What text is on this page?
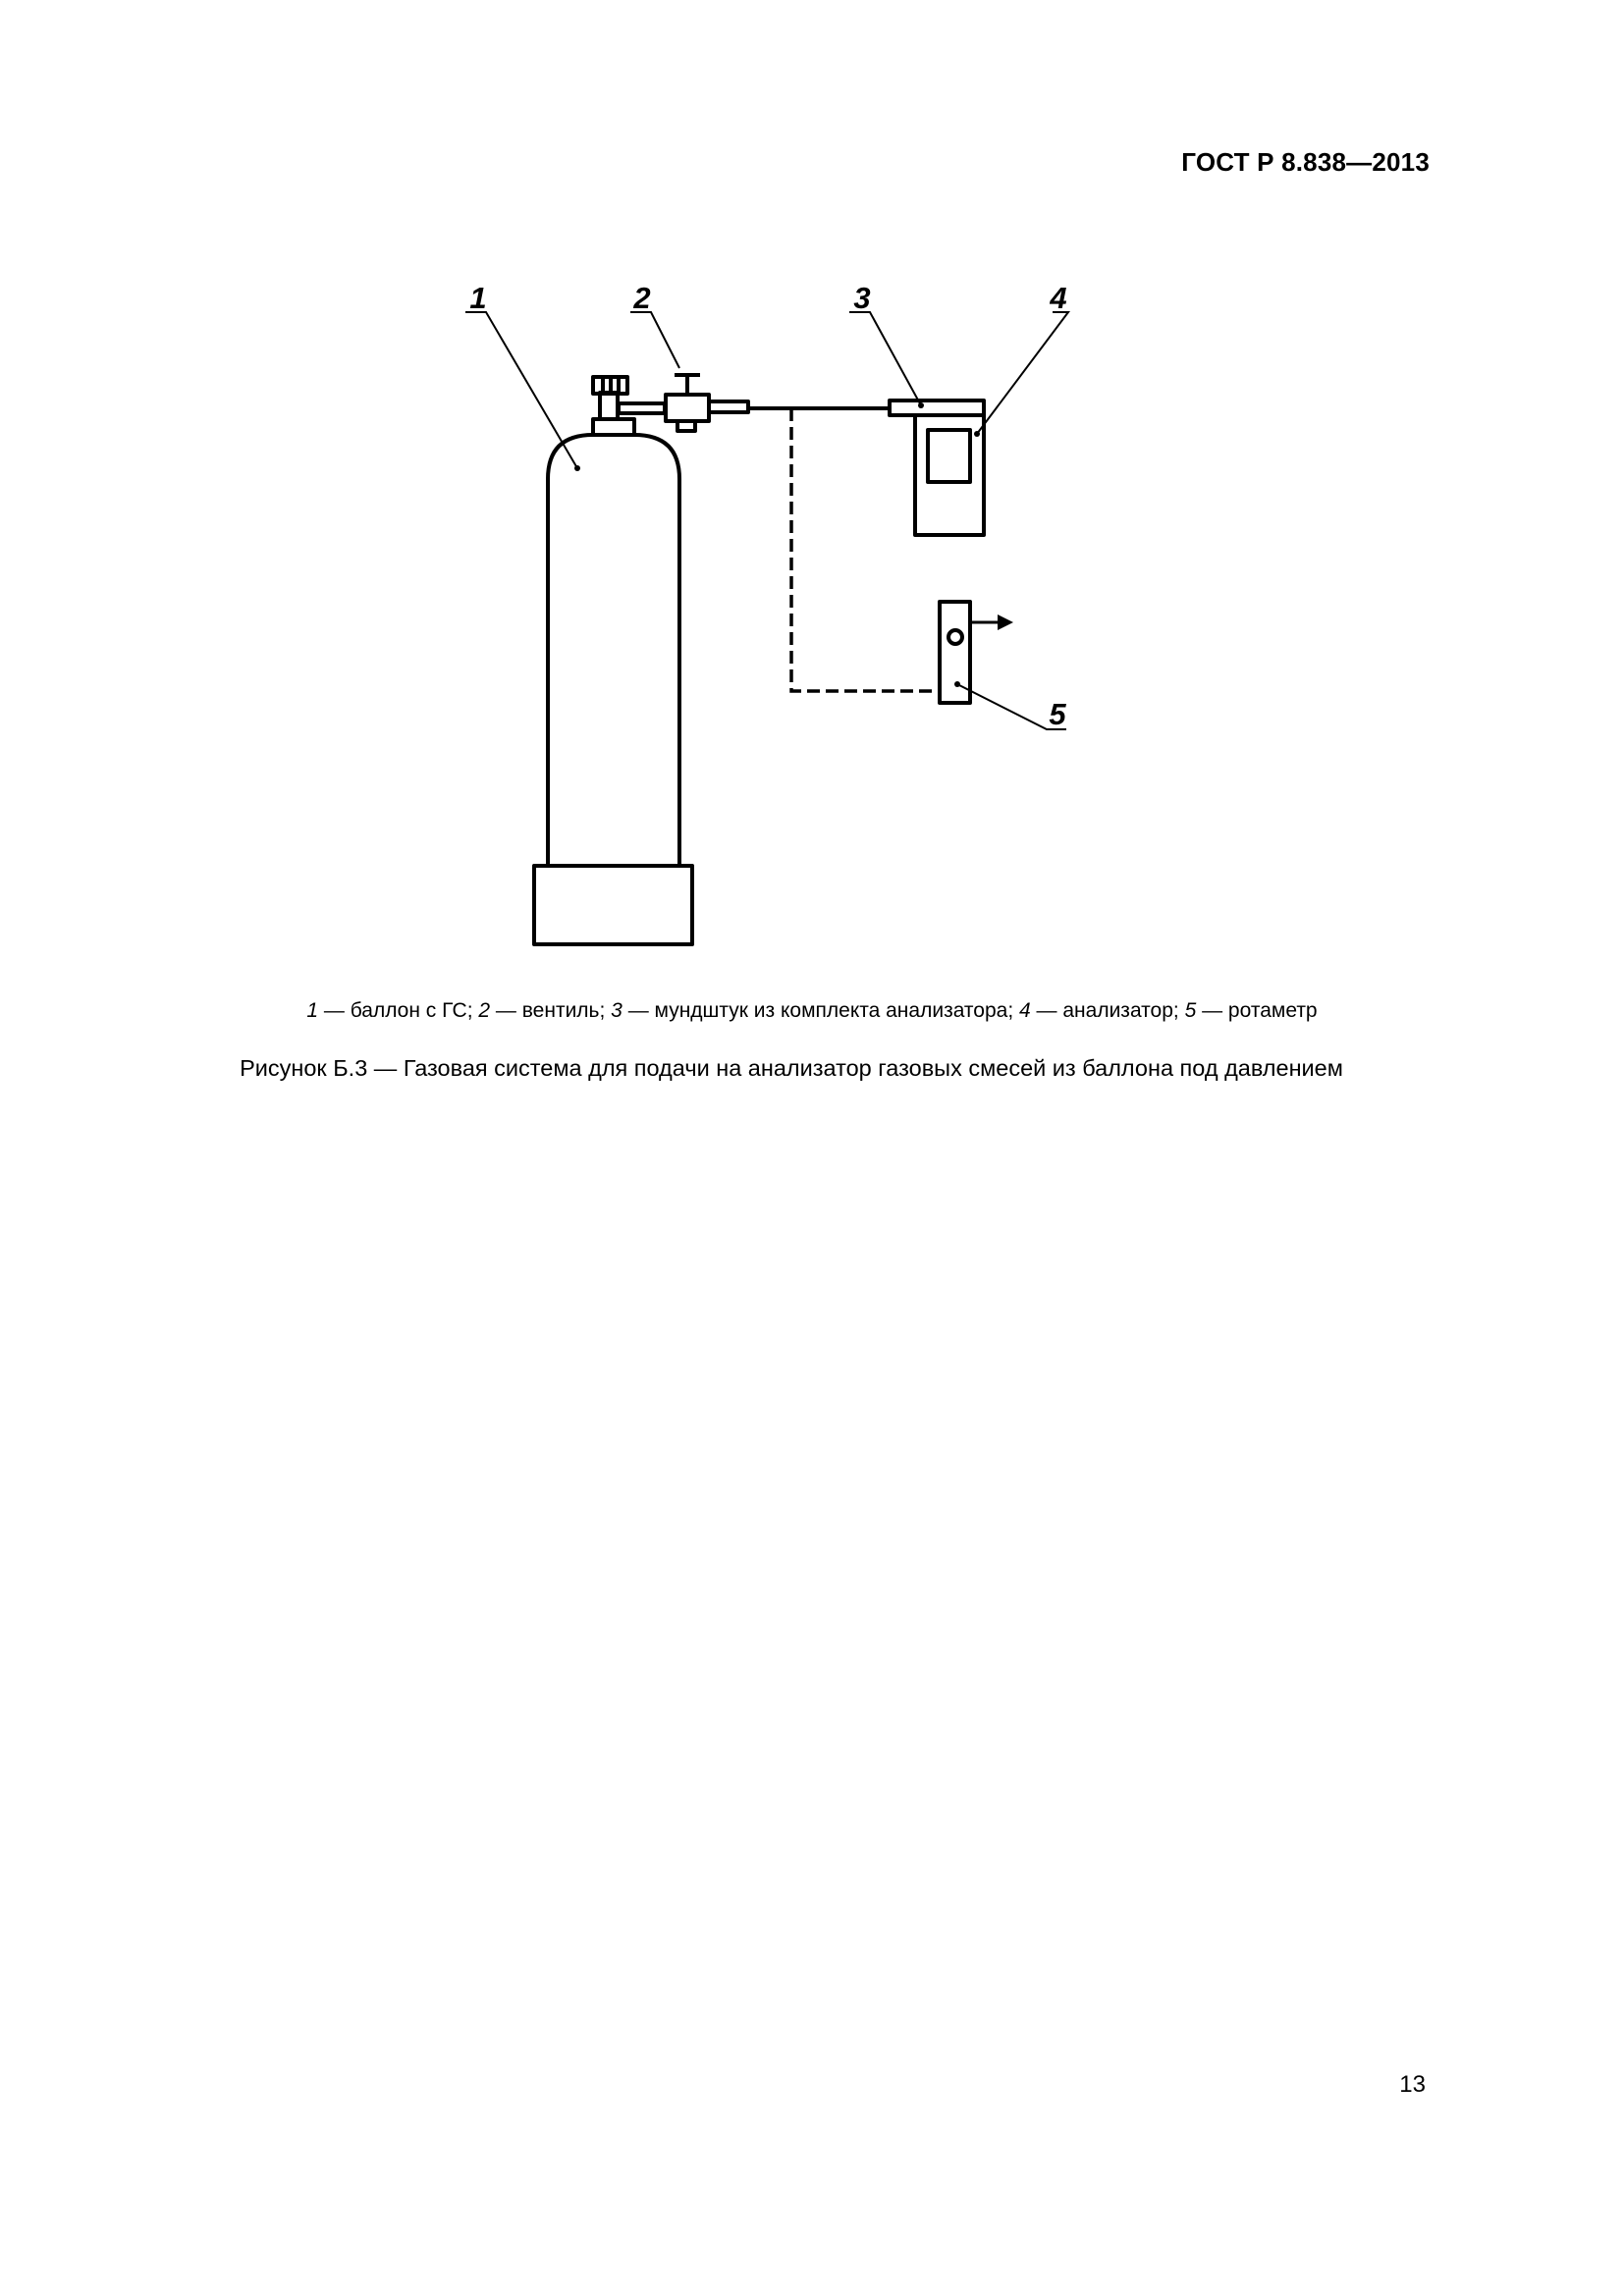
ГОСТ Р 8.838—2013
1	2	3	4
5
1 — баллон с ГС; 2 — вентиль; 3 — мундштук из комплекта анализатора; 4 — анализатор; 5 — ротаметр
Рисунок Б.3 — Газовая система для подачи на анализатор газовых смесей из баллона под давлением
13
